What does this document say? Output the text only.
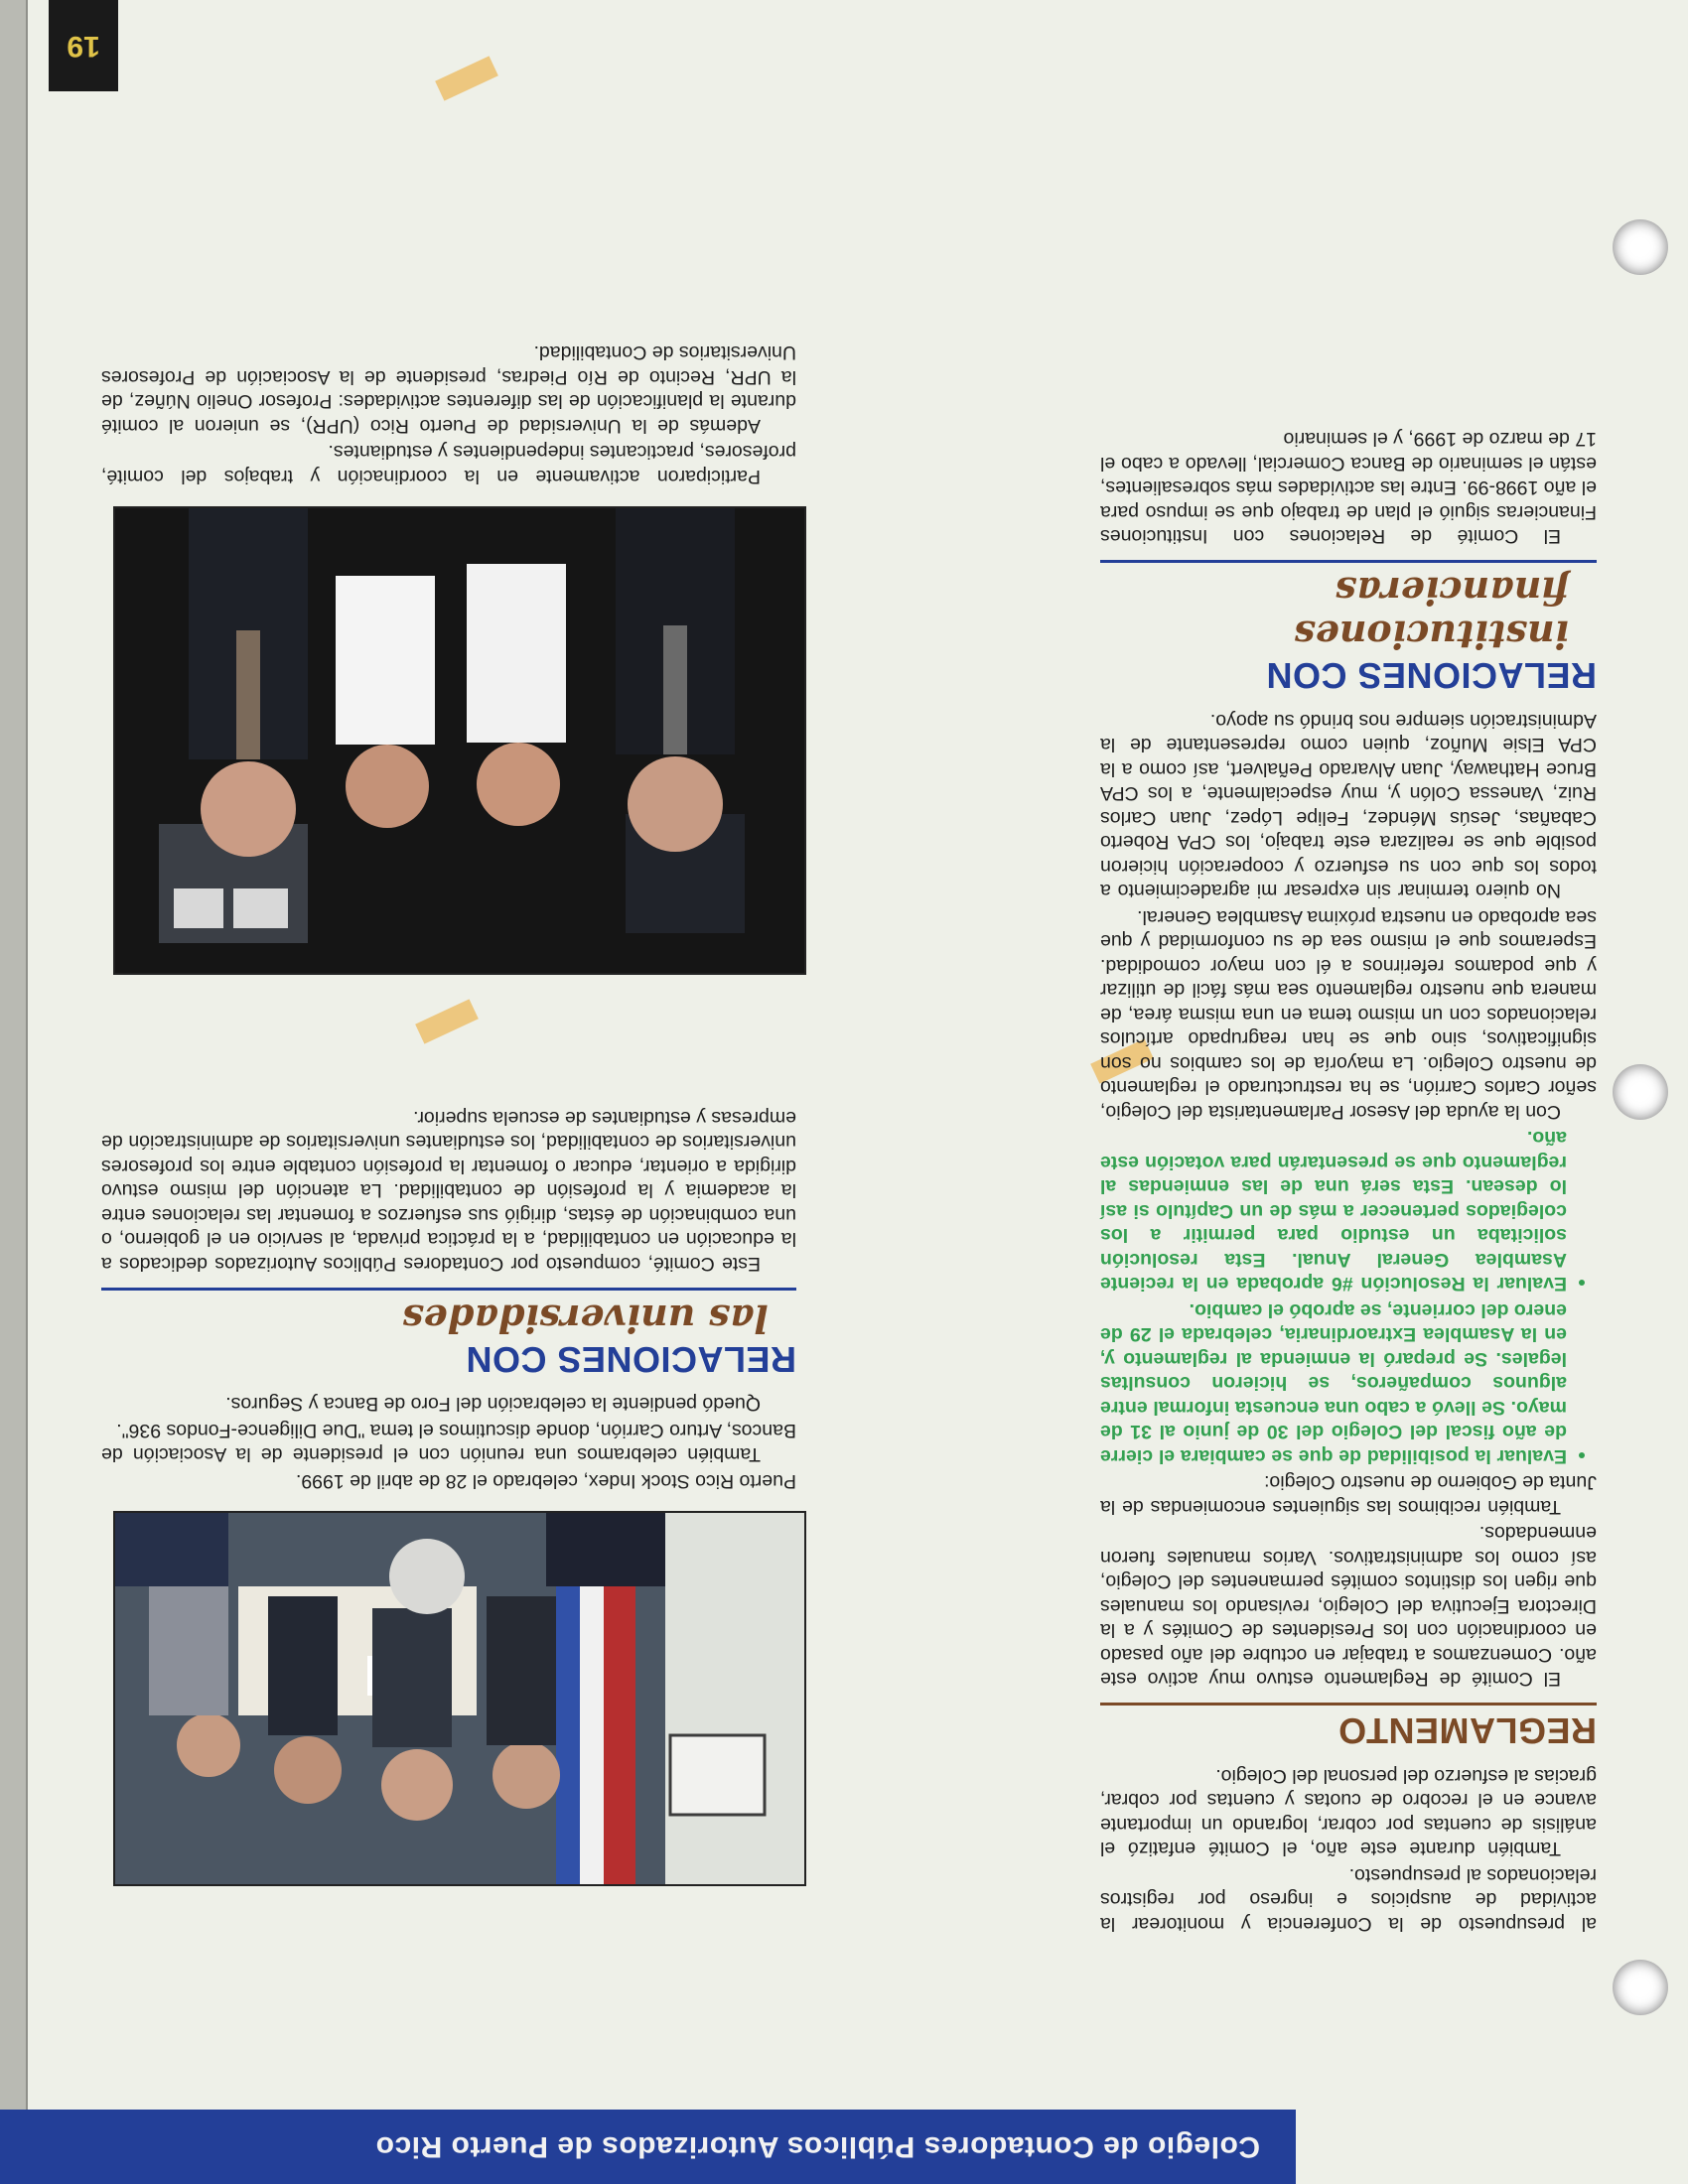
19
Colegio de Contadores Públicos Autorizados de Puerto Rico

al presupuesto de la Conferencia y monitorear la actividad de auspicios e ingreso por registros relacionados al presupuesto.

También durante este año, el Comité enfatizó el análisis de cuentas por cobrar, logrando un importante avance en el recobro de cuotas y cuentas por cobrar, gracias al esfuerzo del personal del Colegio.

REGLAMENTO

El Comité de Reglamento estuvo muy activo este año. Comenzamos a trabajar en octubre del año pasado en coordinación con los Presidentes de Comités y a la Directora Ejecutiva del Colegio, revisando los manuales que rigen los distintos comités permanentes del Colegio, así como los administrativos. Varios manuales fueron enmendados.

También recibimos las siguientes encomiendas de la Junta de Gobierno de nuestro Colegio:

• Evaluar la posibilidad de que se cambiara el cierre de año fiscal del Colegio del 30 de junio al 31 de mayo. Se llevó a cabo una encuesta informal entre algunos compañeros, se hicieron consultas legales. Se preparó la enmienda al reglamento y, en la Asamblea Extraordinaria, celebrada el 29 de enero del corriente, se aprobó el cambio.
• Evaluar la Resolución #6 aprobada en la reciente Asamblea General Anual. Esta resolución solicitaba un estudio para permitir a los colegiados pertenecer a más de un Capítulo si así lo desean. Esta será una de las enmiendas al reglamento que se presentarán para votación este año.

Con la ayuda del Asesor Parlamentarista del Colegio, señor Carlos Carrión, se ha restructurado el reglamento de nuestro Colegio. La mayoría de los cambios no son significativos, sino que se han reagrupado artículos relacionados con un mismo tema en una misma área, de manera que nuestro reglamento sea más fácil de utilizar y que podamos referirnos a él con mayor comodidad. Esperamos que el mismo sea de su conformidad y que sea aprobado en nuestra próxima Asamblea General.

No quiero terminar sin expresar mi agradecimiento a todos los que con su esfuerzo y cooperación hicieron posible que se realizara este trabajo, los CPA Roberto Cabañas, Jesús Méndez, Felipe López, Juan Carlos Ruiz, Vanessa Colón y, muy especialmente, a los CPA Bruce Hathaway, Juan Alvarado Peñalvert, así como a la CPA Elsie Muñoz, quien como representante de la Administración siempre nos brindó su apoyo.

RELACIONES CON
instituciones financieras

El Comité de Relaciones con Instituciones Financieras siguió el plan de trabajo que se impuso para el año 1998-99. Entre las actividades más sobresalientes, están el seminario de Banca Comercial, llevado a cabo el 17 de marzo de 1999, y el seminario

Puerto Rico Stock Index, celebrado el 28 de abril de 1999.

También celebramos una reunión con el presidente de la Asociación de Bancos, Arturo Carrión, donde discutimos el tema "Due Diligence-Fondos 936".

Quedó pendiente la celebración del Foro de Banca y Seguros.

RELACIONES CON
las universidades

Este Comité, compuesto por Contadores Públicos Autorizados dedicados a la educación en contabilidad, a la práctica privada, al servicio en el gobierno, o una combinación de éstas, dirigió sus esfuerzos a fomentar las relaciones entre la academia y la profesión de contabilidad. La atención del mismo estuvo dirigida a orientar, educar o fomentar la profesión contable entre los profesores universitarios de contabilidad, los estudiantes universitarios de administración de empresas y estudiantes de escuela superior.

Participaron activamente en la coordinación y trabajos del comité, profesores, practicantes independientes y estudiantes.

Además de la Universidad de Puerto Rico (UPR), se unieron al comité durante la planificación de las diferentes actividades: Profesor Onelio Núñez, de la UPR, Recinto de Río Piedras, presidente de la Asociación de Profesores Universitarios de Contabilidad.
